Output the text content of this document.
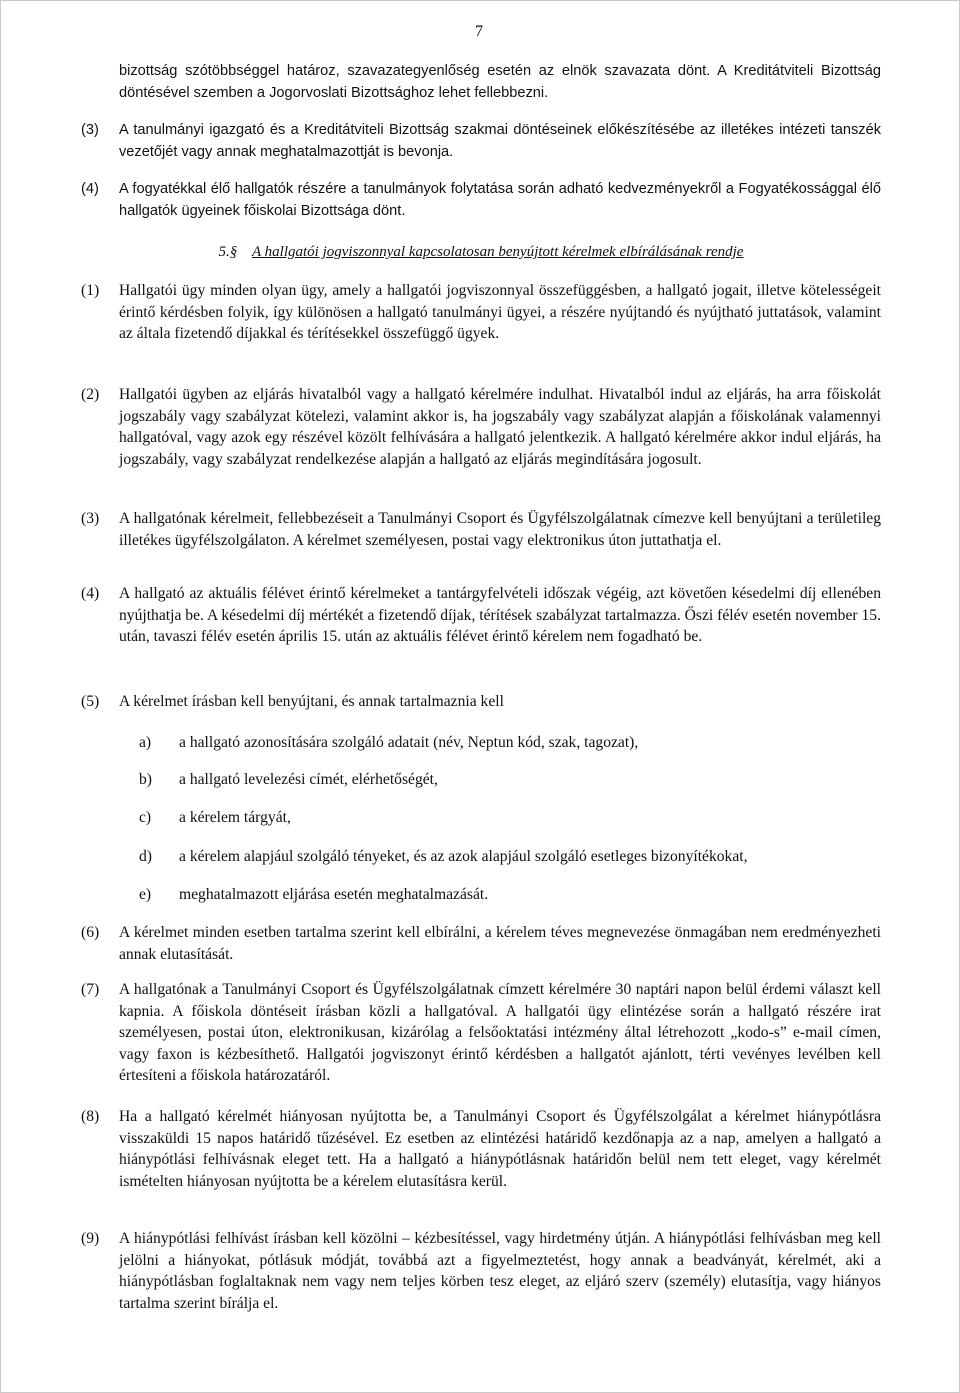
7

bizottság szótöbbséggel határoz, szavazategyenlőség esetén az elnök szavazata dönt. A Kreditátviteli Bizottság döntésével szemben a Jogorvoslati Bizottsághoz lehet fellebbezni.

(3) A tanulmányi igazgató és a Kreditátviteli Bizottság szakmai döntéseinek előkészítésébe az illetékes intézeti tanszék vezetőjét vagy annak meghatalmazottját is bevonja.
(4) A fogyatékkal élő hallgatók részére a tanulmányok folytatása során adható kedvezményekről a Fogyatékossággal élő hallgatók ügyeinek főiskolai Bizottsága dönt.
5.§ A hallgatói jogviszonnyal kapcsolatosan benyújtott kérelmek elbírálásának rendje
(1) Hallgatói ügy minden olyan ügy, amely a hallgatói jogviszonnyal összefüggésben, a hallgató jogait, illetve kötelességeit érintő kérdésben folyik, így különösen a hallgató tanulmányi ügyei, a részére nyújtandó és nyújtható juttatások, valamint az általa fizetendő díjakkal és térítésekkel összefüggő ügyek.
(2) Hallgatói ügyben az eljárás hivatalból vagy a hallgató kérelmére indulhat. Hivatalból indul az eljárás, ha arra főiskolát jogszabály vagy szabályzat kötelezi, valamint akkor is, ha jogszabály vagy szabályzat alapján a főiskolának valamennyi hallgatóval, vagy azok egy részével közölt felhívására a hallgató jelentkezik. A hallgató kérelmére akkor indul eljárás, ha jogszabály, vagy szabályzat rendelkezése alapján a hallgató az eljárás megindítására jogosult.
(3) A hallgatónak kérelmeit, fellebbezéseit a Tanulmányi Csoport és Ügyfélszolgálatnak címezve kell benyújtani a területileg illetékes ügyfélszolgálaton. A kérelmet személyesen, postai vagy elektronikus úton juttathatja el.
(4) A hallgató az aktuális félévet érintő kérelmeket a tantárgyfelvételi időszak végéig, azt követően késedelmi díj ellenében nyújthatja be. A késedelmi díj mértékét a fizetendő díjak, térítések szabályzat tartalmazza. Őszi félév esetén november 15. után, tavaszi félév esetén április 15. után az aktuális félévet érintő kérelem nem fogadható be.
(5) A kérelmet írásban kell benyújtani, és annak tartalmaznia kell
a) a hallgató azonosítására szolgáló adatait (név, Neptun kód, szak, tagozat),
b) a hallgató levelezési címét, elérhetőségét,
c) a kérelem tárgyát,
d) a kérelem alapjául szolgáló tényeket, és az azok alapjául szolgáló esetleges bizonyítékokat,
e) meghatalmazott eljárása esetén meghatalmazását.
(6) A kérelmet minden esetben tartalma szerint kell elbírálni, a kérelem téves megnevezése önmagában nem eredményezheti annak elutasítását.
(7) A hallgatónak a Tanulmányi Csoport és Ügyfélszolgálatnak címzett kérelmére 30 naptári napon belül érdemi választ kell kapnia. A főiskola döntéseit írásban közli a hallgatóval. A hallgatói ügy elintézése során a hallgató részére irat személyesen, postai úton, elektronikusan, kizárólag a felsőoktatási intézmény által létrehozott „kodo-s” e-mail címen, vagy faxon is kézbesíthető. Hallgatói jogviszonyt érintő kérdésben a hallgatót ajánlott, térti vevényes levélben kell értesíteni a főiskola határozatáról.
(8) Ha a hallgató kérelmét hiányosan nyújtotta be, a Tanulmányi Csoport és Ügyfélszolgálat a kérelmet hiánypótlásra visszaküldi 15 napos határidő tűzésével. Ez esetben az elintézési határidő kezdőnapja az a nap, amelyen a hallgató a hiánypótlási felhívásnak eleget tett. Ha a hallgató a hiánypótlásnak határidőn belül nem tett eleget, vagy kérelmét ismételten hiányosan nyújtotta be a kérelem elutasításra kerül.
(9) A hiánypótlási felhívást írásban kell közölni – kézbesítéssel, vagy hirdetmény útján. A hiánypótlási felhívásban meg kell jelölni a hiányokat, pótlásuk módját, továbbá azt a figyelmeztetést, hogy annak a beadványát, kérelmét, aki a hiánypótlásban foglaltaknak nem vagy nem teljes körben tesz eleget, az eljáró szerv (személy) elutasítja, vagy hiányos tartalma szerint bírálja el.
